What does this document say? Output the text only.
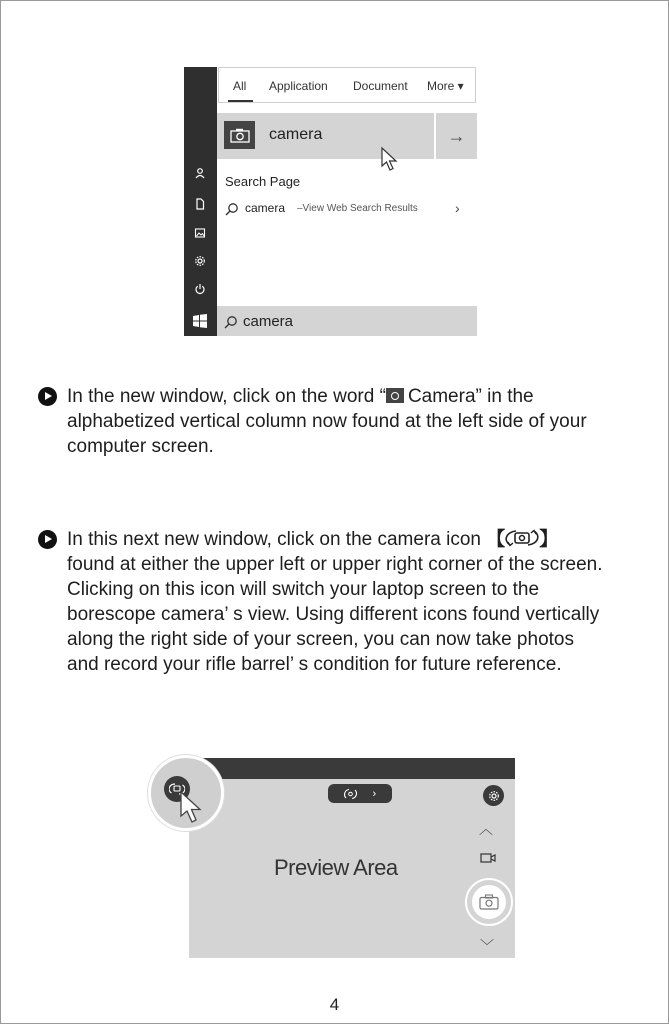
All Application Document More ▾
camera	→
Search Page
camera –View Web Search Results	›
camera
In the new window, click on the word “ Camera” in the alphabetized vertical column now found at the left side of your computer screen.
In this next new window, click on the camera icon 【 】 found at either the upper left or upper right corner of the screen. Clicking on this icon will switch your laptop screen to the borescope camera’ s view. Using different icons found vertically along the right side of your screen, you can now take photos and record your rifle barrel’ s condition for future reference.
›
︿
Preview Area
﹀
4
